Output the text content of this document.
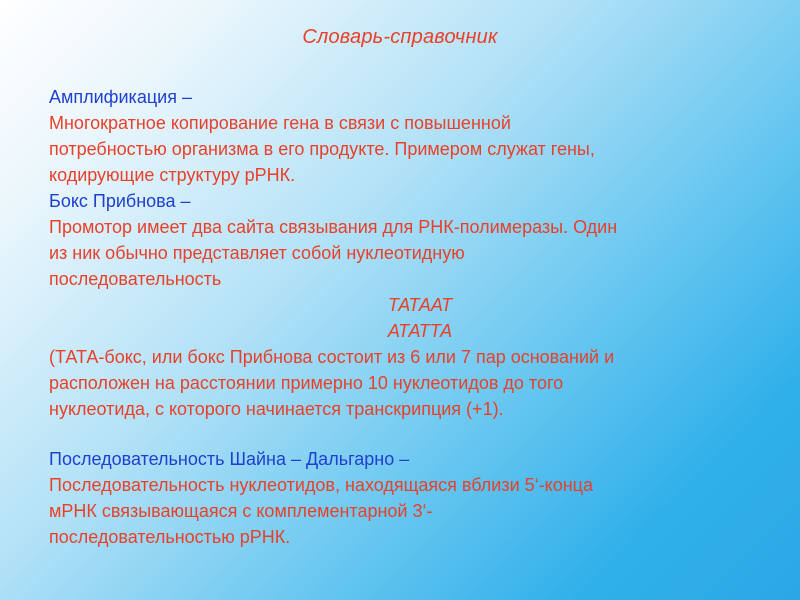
Словарь-справочник
Амплификация –
Многократное копирование гена в связи с повышенной
потребностью организма в его продукте. Примером служат гены,
кодирующие структуру рРНК.
Бокс Прибнова –
Промотор имеет два сайта связывания для РНК-полимеразы. Один
из ник обычно представляет собой нуклеотидную
последовательность
ТАТААТ
АТАТТА
(ТАТА-бокс, или бокс Прибнова состоит из 6 или 7 пар оснований и
расположен на расстоянии примерно 10 нуклеотидов до того
нуклеотида, с которого начинается транскрипция (+1).
Последовательность Шайна – Дальгарно –
Последовательность нуклеотидов, находящаяся вблизи 5‘-конца
мРНК связывающаяся с комплементарной 3‘-
последовательностью рРНК.
